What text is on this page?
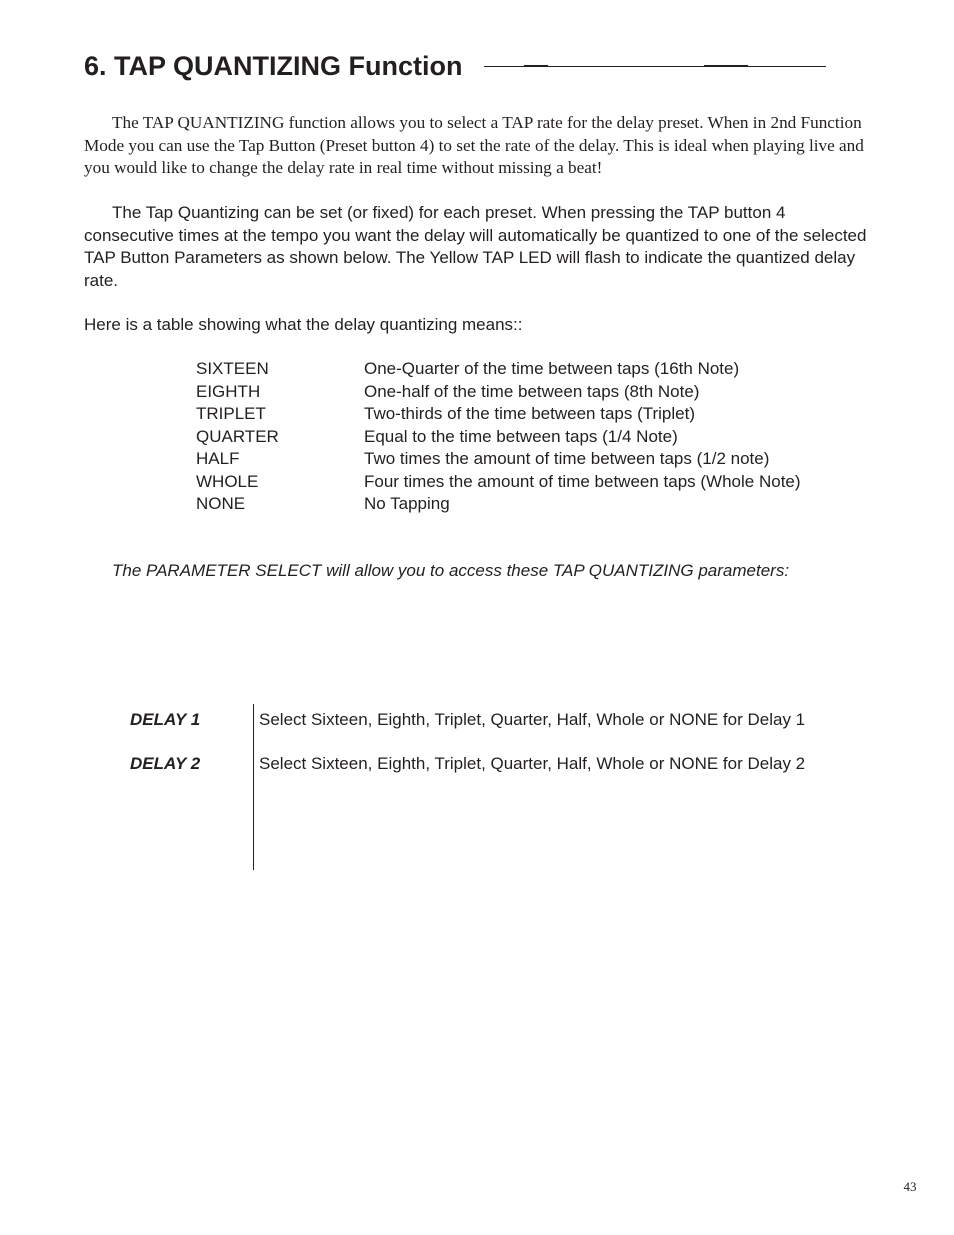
6. TAP QUANTIZING Function

The TAP QUANTIZING function allows you to select a TAP rate for the delay preset. When in 2nd Function Mode you can use the Tap Button (Preset button 4) to set the rate of the delay. This is ideal when playing live and you would like to change the delay rate in real time without missing a beat!

The Tap Quantizing can be set (or fixed) for each preset. When pressing the TAP button 4 consecutive times at the tempo you want the delay will automatically be quantized to one of the selected TAP Button Parameters as shown below. The Yellow TAP LED will flash to indicate the quantized delay rate.

Here is a table showing what the delay quantizing means::

SIXTEEN	One-Quarter of the time between taps (16th Note)
EIGHTH	One-half of the time between taps (8th Note)
TRIPLET	Two-thirds of the time between taps (Triplet)
QUARTER	Equal to the time between taps (1/4 Note)
HALF	Two times the amount of time between taps (1/2 note)
WHOLE	Four times the amount of time between taps (Whole Note)
NONE	No Tapping

The PARAMETER SELECT will allow you to access these TAP QUANTIZING parameters:

DELAY 1	Select Sixteen, Eighth, Triplet, Quarter, Half, Whole or NONE for Delay 1
DELAY 2	Select Sixteen, Eighth, Triplet, Quarter, Half, Whole or NONE for Delay 2
43
